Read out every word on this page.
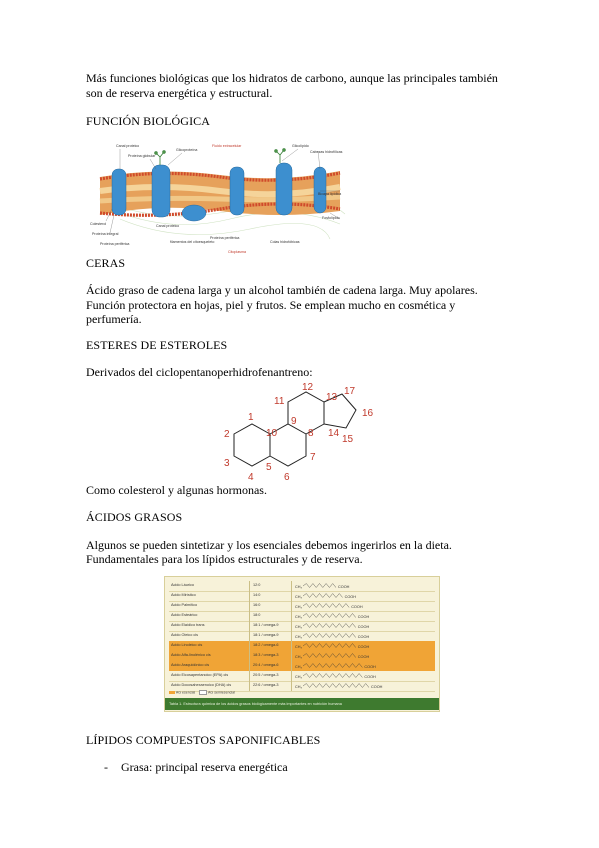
Más funciones biológicas que los hidratos de carbono, aunque las principales también

son de reserva energética y estructural.

FUNCIÓN BIOLÓGICA

Canal proteico
Proteína globular
Glicoproteína
Fluido extracelular	Glicolípido
Cabezas hidrofílicas
Bicapa lipídica
Fosfolípido
Colesterol
Proteína integral
Proteína periférica
Canal proteico
filamentos del citoesqueleto
Proteína periférica
Colas hidrofóbicas
Citoplasma

CERAS

Ácido graso de cadena larga y un alcohol también de cadena larga. Muy apolares.

Función protectora en hojas, piel y frutos. Se emplean mucho en cosmética y

perfumería.

ESTERES DE ESTEROLES

Derivados del ciclopentanoperhidrofenantreno:

1
2
3
4
5
6
7
8
9
10
11
12
13
14
15
16
17

Como colesterol y algunas hormonas.

ÁCIDOS GRASOS

Algunos se pueden sintetizar y los esenciales debemos ingerirlos en la dieta.

Fundamentales para los lípidos estructurales y de reserva.

Ácido Láurico	12:0	CH₃	COOH
Ácido Mirístico	14:0	CH₃	COOH
Ácido Palmítico	16:0	CH₃	COOH
Ácido Esteárico	18:0	CH₃	COOH
Ácido Elaídico trans	18:1 / omega-9	CH₃	COOH
Ácido Oleico cis	18:1 / omega-9	CH₃	COOH
Ácido Linoleico cis	18:2 / omega-6	CH₃	COOH
Ácido Alfa-linolénico cis	18:3 / omega-3	CH₃	COOH
Ácido Araquidónico cis	20:4 / omega-6	CH₃	COOH
Ácido Eicosapentanoico (EPA) cis	20:5 / omega-3	CH₃	COOH
Ácido Docosahexaenoico (DHA) cis	22:6 / omega-3	CH₃	COOH
AG esencial	AG semiesencial
Tabla 1. Estructura química de los ácidos grasos biológicamente más importantes en nutrición humana

LÍPIDOS COMPUESTOS SAPONIFICABLES

- Grasa: principal reserva energética
